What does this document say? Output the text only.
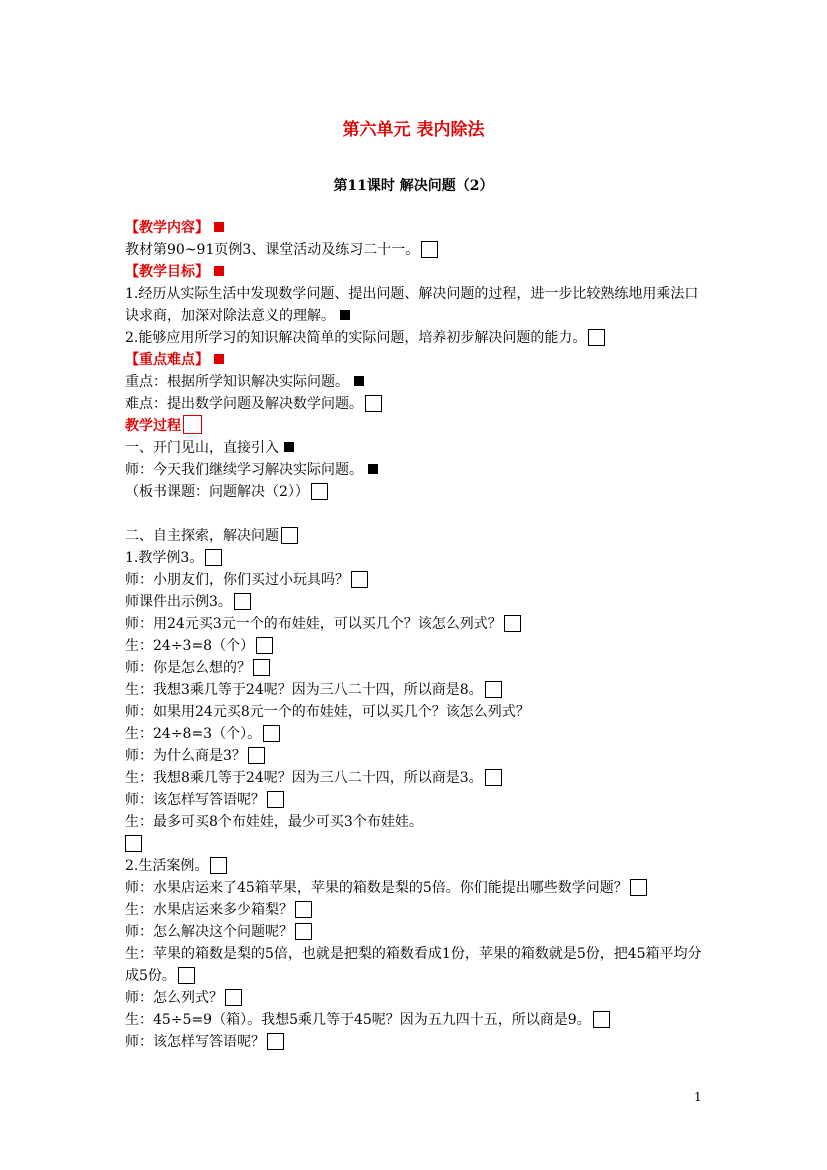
第六单元 表内除法
第11课时 解决问题（2）
【教学内容】
教材第90~91页例3、课堂活动及练习二十一。
【教学目标】
1.经历从实际生活中发现数学问题、提出问题、解决问题的过程，进一步比较熟练地用乘法口诀求商，加深对除法意义的理解。
2.能够应用所学习的知识解决简单的实际问题，培养初步解决问题的能力。
【重点难点】
重点：根据所学知识解决实际问题。
难点：提出数学问题及解决数学问题。
教学过程
一、开门见山，直接引入
师：今天我们继续学习解决实际问题。
（板书课题：问题解决（2））
二、自主探索，解决问题
1.教学例3。
师：小朋友们，你们买过小玩具吗？
师课件出示例3。
师：用24元买3元一个的布娃娃，可以买几个？该怎么列式？
生：24÷3=8（个）
师：你是怎么想的？
生：我想3乘几等于24呢？因为三八二十四，所以商是8。
师：如果用24元买8元一个的布娃娃，可以买几个？该怎么列式？
生：24÷8=3（个）。
师：为什么商是3？
生：我想8乘几等于24呢？因为三八二十四，所以商是3。
师：该怎样写答语呢？
生：最多可买8个布娃娃，最少可买3个布娃娃。
2.生活案例。
师：水果店运来了45箱苹果，苹果的箱数是梨的5倍。你们能提出哪些数学问题？
生：水果店运来多少箱梨？
师：怎么解决这个问题呢？
生：苹果的箱数是梨的5倍，也就是把梨的箱数看成1份，苹果的箱数就是5份，把45箱平均分成5份。
师：怎么列式？
生：45÷5=9（箱）。我想5乘几等于45呢？因为五九四十五，所以商是9。
师：该怎样写答语呢？
1
